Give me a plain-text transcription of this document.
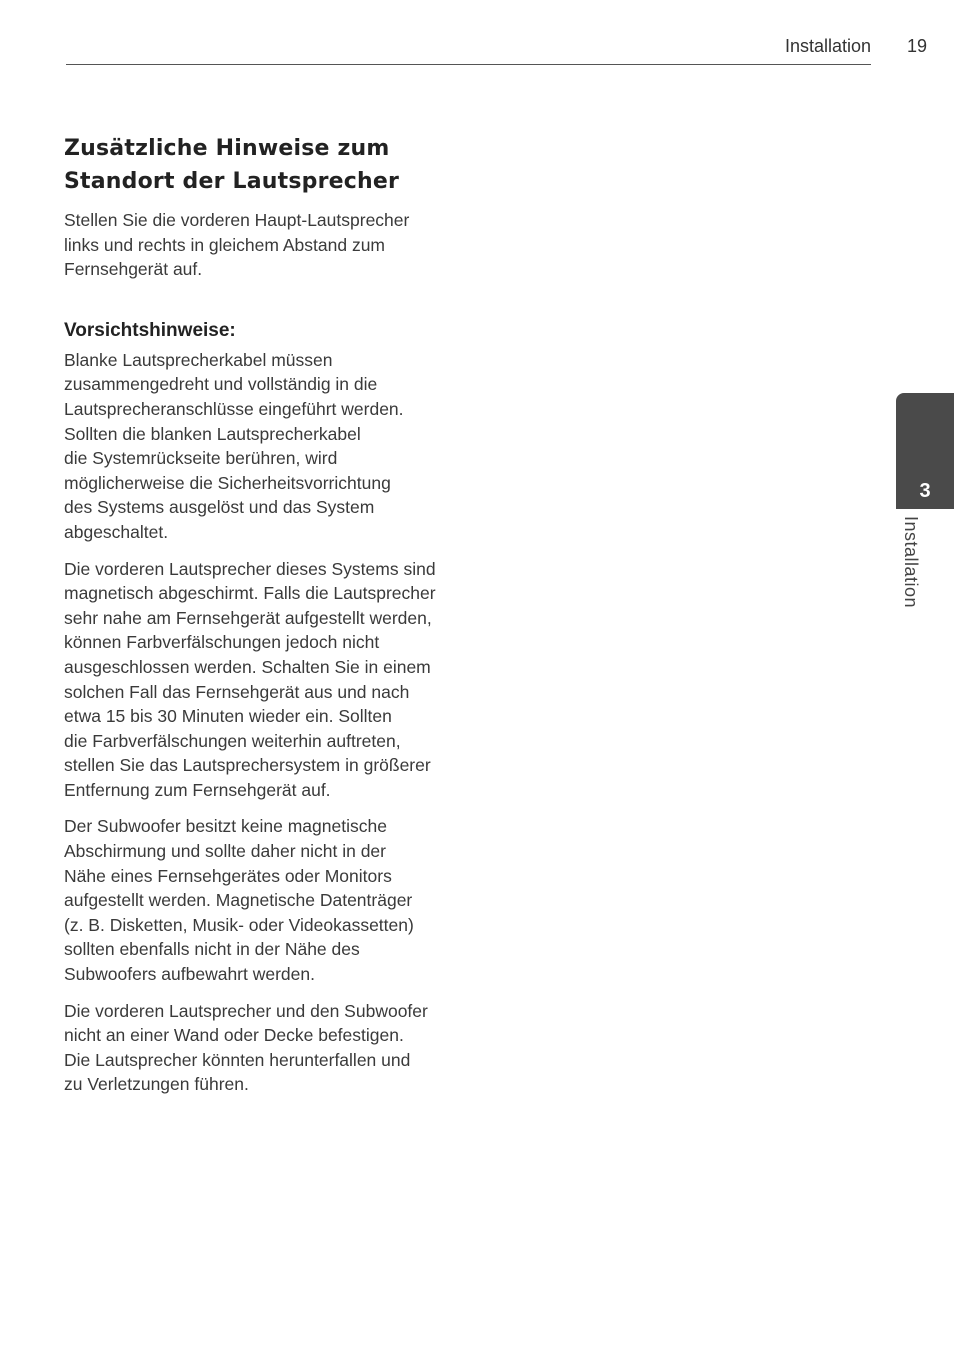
Installation 19
Zusätzliche Hinweise zum
Standort der Lautsprecher

Stellen Sie die vorderen Haupt-Lautsprecher
links und rechts in gleichem Abstand zum
Fernsehgerät auf.

Vorsichtshinweise:

Blanke Lautsprecherkabel müssen
zusammengedreht und vollständig in die
Lautsprecheranschlüsse eingeführt werden.
Sollten die blanken Lautsprecherkabel
die Systemrückseite berühren, wird
möglicherweise die Sicherheitsvorrichtung
des Systems ausgelöst und das System
abgeschaltet.

Die vorderen Lautsprecher dieses Systems sind
magnetisch abgeschirmt. Falls die Lautsprecher
sehr nahe am Fernsehgerät aufgestellt werden,
können Farbverfälschungen jedoch nicht
ausgeschlossen werden. Schalten Sie in einem
solchen Fall das Fernsehgerät aus und nach
etwa 15 bis 30 Minuten wieder ein. Sollten
die Farbverfälschungen weiterhin auftreten,
stellen Sie das Lautsprechersystem in größerer
Entfernung zum Fernsehgerät auf.

Der Subwoofer besitzt keine magnetische
Abschirmung und sollte daher nicht in der
Nähe eines Fernsehgerätes oder Monitors
aufgestellt werden. Magnetische Datenträger
(z. B. Disketten, Musik- oder Videokassetten)
sollten ebenfalls nicht in der Nähe des
Subwoofers aufbewahrt werden.

Die vorderen Lautsprecher und den Subwoofer
nicht an einer Wand oder Decke befestigen.
Die Lautsprecher könnten herunterfallen und
zu Verletzungen führen.

3
Installation
